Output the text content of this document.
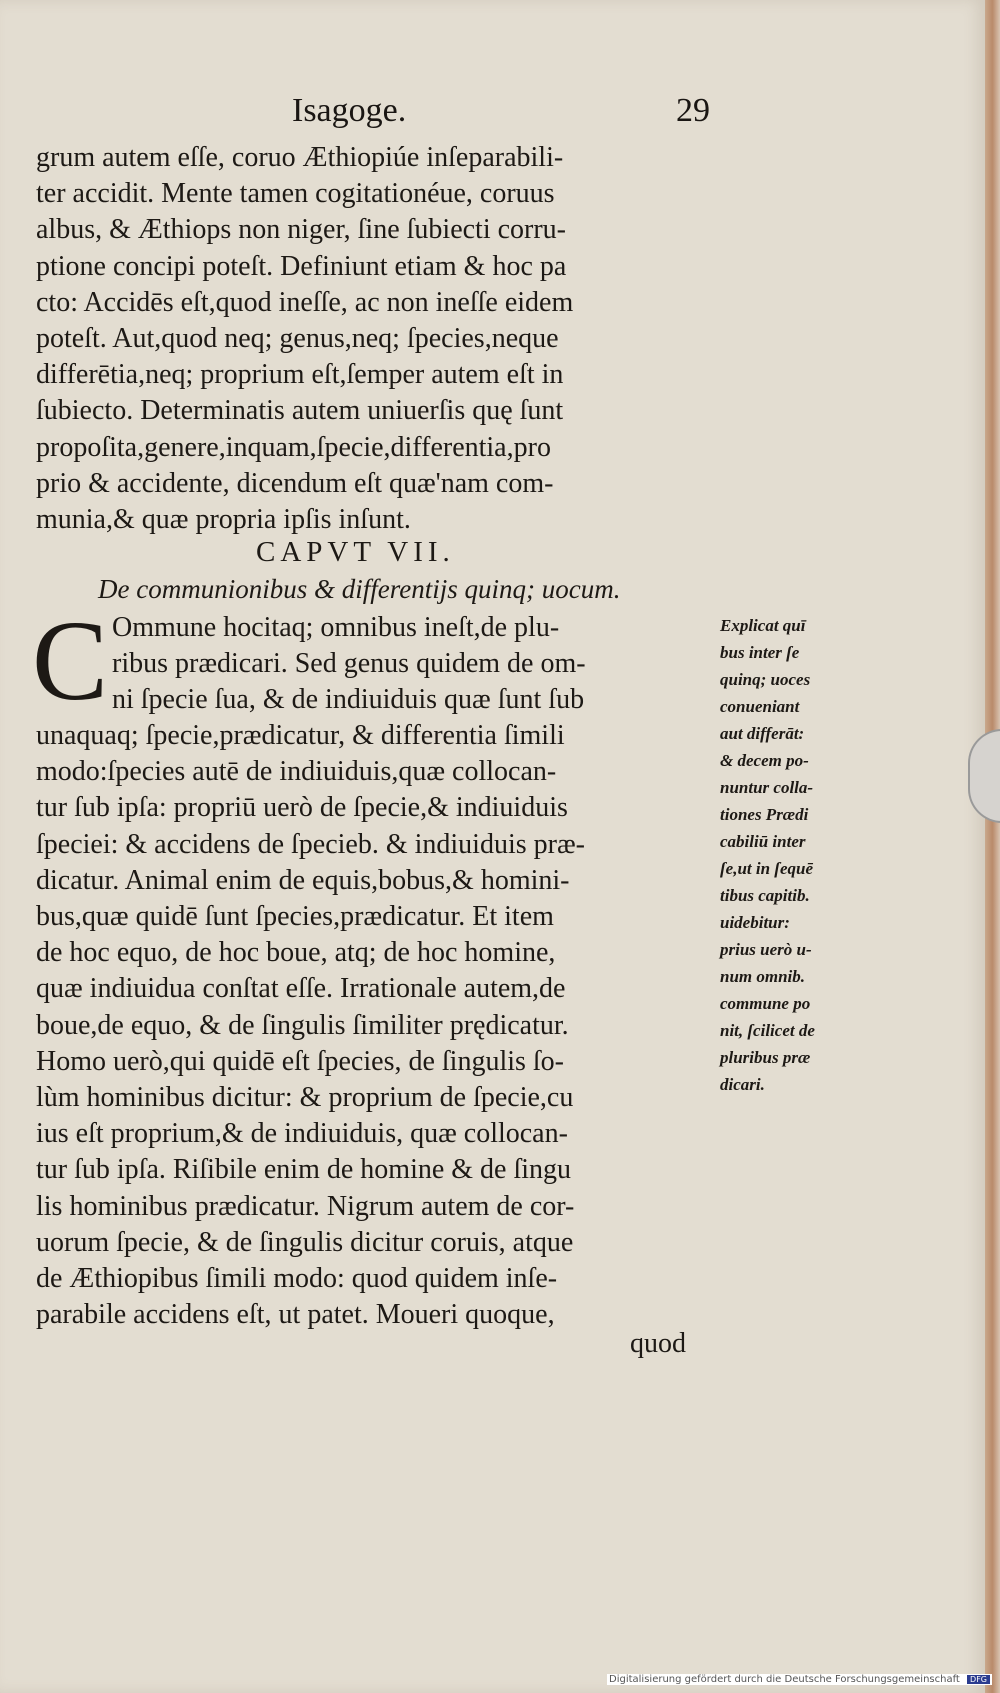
Isagoge.	29
grum autem eſſe, coruo Æthiopiúe inſeparabili-
ter accidit. Mente tamen cogitationéue, coruus
albus, & Æthiops non niger, ſine ſubiecti corru-
ptione concipi poteſt. Definiunt etiam & hoc pa
cto: Accidēs eſt,quod ineſſe, ac non ineſſe eidem
poteſt. Aut,quod neq; genus,neq; ſpecies,neque
differētia,neq; proprium eſt,ſemper autem eſt in
ſubiecto. Determinatis autem uniuerſis quę ſunt
propoſita,genere,inquam,ſpecie,differentia,pro
prio & accidente, dicendum eſt quæ'nam com-
munia,& quæ propria ipſis inſunt.
CAPVT VII.
De communionibus & differentijs quinq; uocum.
C Ommune hocitaq; omnibus ineſt,de plu-
ribus prædicari. Sed genus quidem de om-
ni ſpecie ſua, & de indiuiduis quæ ſunt ſub
unaquaq; ſpecie,prædicatur, & differentia ſimili
modo:ſpecies autē de indiuiduis,quæ collocan-
tur ſub ipſa: propriū uerò de ſpecie,& indiuiduis
ſpeciei: & accidens de ſpecieb. & indiuiduis præ-
dicatur. Animal enim de equis,bobus,& homini-
bus,quæ quidē ſunt ſpecies,prædicatur. Et item
de hoc equo, de hoc boue, atq; de hoc homine,
quæ indiuidua conſtat eſſe. Irrationale autem,de
boue,de equo, & de ſingulis ſimiliter prędicatur.
Homo uerò,qui quidē eſt ſpecies, de ſingulis ſo-
lùm hominibus dicitur: & proprium de ſpecie,cu
ius eſt proprium,& de indiuiduis, quæ collocan-
tur ſub ipſa. Riſibile enim de homine & de ſingu
lis hominibus prædicatur. Nigrum autem de cor-
uorum ſpecie, & de ſingulis dicitur coruis, atque
de Æthiopibus ſimili modo: quod quidem inſe-
parabile accidens eſt, ut patet. Moueri quoque,
quod
Explicat quī
bus inter ſe
quinq; uoces
conueniant
aut differāt:
& decem po-
nuntur colla-
tiones Prædi
cabiliū inter
ſe,ut in ſequē
tibus capitib.
uidebitur:
prius uerò u-
num omnib.
commune po
nit, ſcilicet de
pluribus præ
dicari.
Digitalisierung gefördert durch die Deutsche Forschungsgemeinschaft DFG
